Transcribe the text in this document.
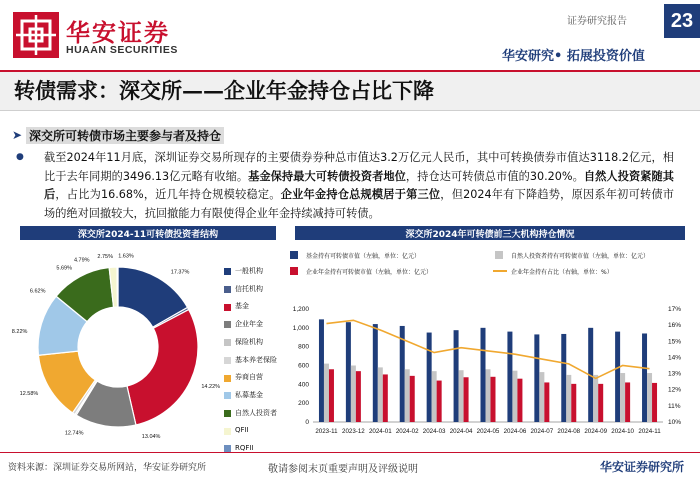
华安证券
HUAAN SECURITIES
证券研究报告	23
华安研究• 拓展投资价值
转债需求：深交所——企业年金持仓占比下降
➤ 深交所可转债市场主要参与者及持仓
● 截至2024年11月底，深圳证券交易所现存的主要债券券种总市值达3.2万亿元人民币，其中可转换债券市值达3118.2亿元，相比于去年同期的3496.13亿元略有收缩。基金保持最大可转债投资者地位，持仓达可转债总市值的30.20%。自然人投资紧随其后，占比为16.68%，近几年持仓规模较稳定。企业年金持仓总规模居于第三位，但2024年有下降趋势，原因系年初可转债市场的绝对回撤较大，抗回撤能力有限使得企业年金持续减持可转债。
深交所2024-11可转债投资者结构	深交所2024年可转债前三大机构持仓情况
17.37%
14.22%
13.04%
12.74%
12.58%
8.22%
6.62%
5.69%
4.79%
2.75% 1.63%
一般机构
信托机构
基金
企业年金
保险机构
基本养老保险
券商自营
私募基金
自然人投资者
QFII
RQFII
基金持有可转债市值（左轴，单位：亿元）	自然人投资者持有可转债市值（左轴，单位：亿元）
企业年金持有可转债市值（左轴，单位：亿元）	企业年金持有占比（右轴，单位：%）
0
200
400
600
800
1,000
1,200
10%
11%
12%
13%
14%
15%
16%
17%
2023-11 2023-12 2024-01 2024-02 2024-03 2024-04 2024-05 2024-06 2024-07 2024-08 2024-09 2024-10 2024-11
资料来源：深圳证券交易所网站，华安证券研究所	敬请参阅末页重要声明及评级说明	华安证券研究所
